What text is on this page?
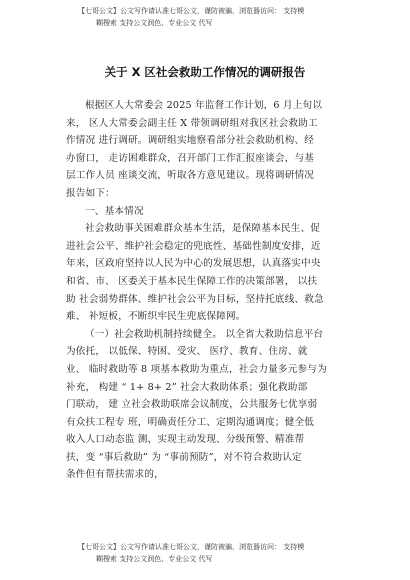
【七哥公文】公文写作请认准七哥公文，谨防被骗，浏览器访问： 支持模
糊搜索 支持公文润色、专业公文 代写
关于 X 区社会救助工作情况的调研报告

根据区人大常委会 2025 年监督工作计划，6 月上旬以

来， 区人大常委会副主任 X 带领调研组对我区社会救助工

作情况 进行调研。调研组实地察看部分社会救助机构、经

办窗口， 走访困难群众，召开部门工作汇报座谈会，与基

层工作人员 座谈交流，听取各方意见建议。现将调研情况

报告如下：

一、基本情况

社会救助事关困难群众基本生活，是保障基本民生、促

进社会公平、维护社会稳定的兜底性、基础性制度安排，近

年来，区政府坚持以人民为中心的发展思想，认真落实中央

和省、市、 区委关于基本民生保障工作的决策部署， 以扶

助 社会弱势群体、维护社会公平为目标，坚持托底线、救急

难、 补短板，不断织牢民生兜底保障网。

（一）社会救助机制持续健全。 以全省大救助信息平台

为依托， 以低保、特困、受灾、 医疗、教育、住房、就

业、 临时救助等 8 项基本救助为重点，社会力量多元参与为

补充， 构建 “ 1+ 8+ 2” 社会大救助体系；强化救助部

门联动， 建 立社会救助联席会议制度，公共服务七优享弱

有众扶工程专 班，明确责任分工、定期沟通调度；健全低

收入人口动态监 测，实现主动发现、分级预警、精准帮

扶，变 “事后救助” 为 “事前预防”，对不符合救助认定

条件但有帮扶需求的，

【七哥公文】公文写作请认准七哥公文，谨防被骗，浏览器访问： 支持模
糊搜索 支持公文润色、专业公文 代写
